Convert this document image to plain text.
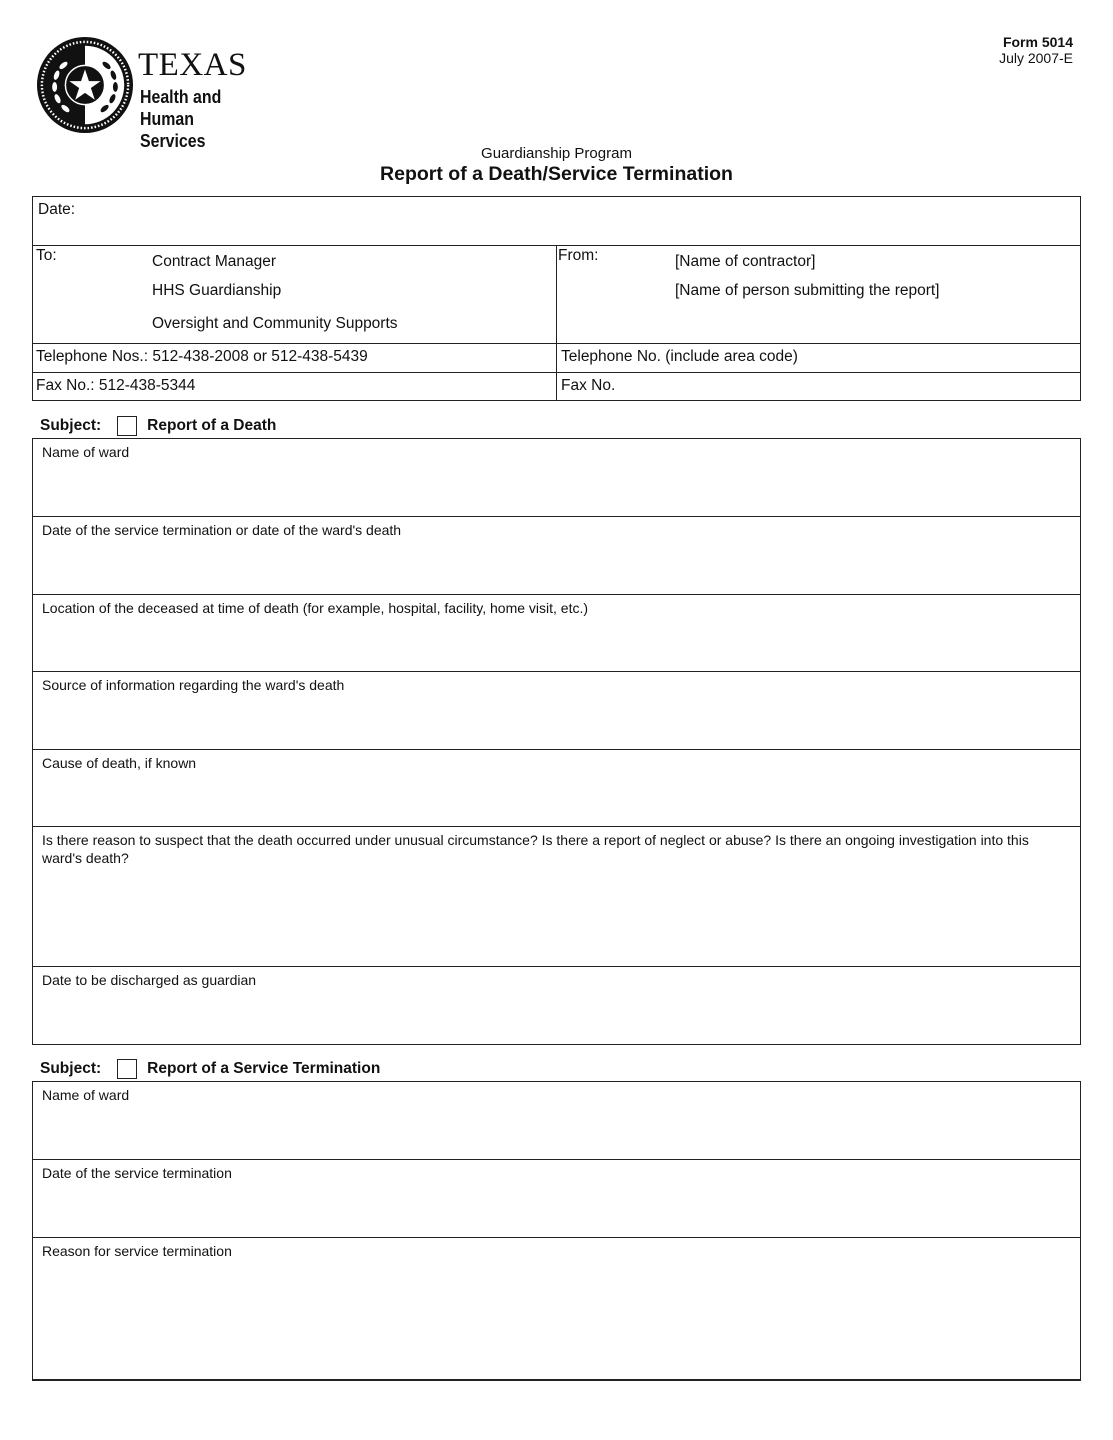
TEXAS
Health and Human
Services
Form 5014
July 2007-E
Guardianship Program
Report of a Death/Service Termination
Date:
To:	Contract Manager
HHS Guardianship
Oversight and Community Supports
From:	[Name of contractor]
[Name of person submitting the report]
Telephone Nos.: 512-438-2008 or 512-438-5439	Telephone No. (include area code)
Fax No.: 512-438-5344	Fax No.
Subject:	Report of a Death
Name of ward
Date of the service termination or date of the ward's death
Location of the deceased at time of death (for example, hospital, facility, home visit, etc.)
Source of information regarding the ward's death
Cause of death, if known
Is there reason to suspect that the death occurred under unusual circumstance? Is there a report of neglect or abuse? Is there an ongoing investigation into this ward's death?
Date to be discharged as guardian
Subject:	Report of a Service Termination
Name of ward
Date of the service termination
Reason for service termination
